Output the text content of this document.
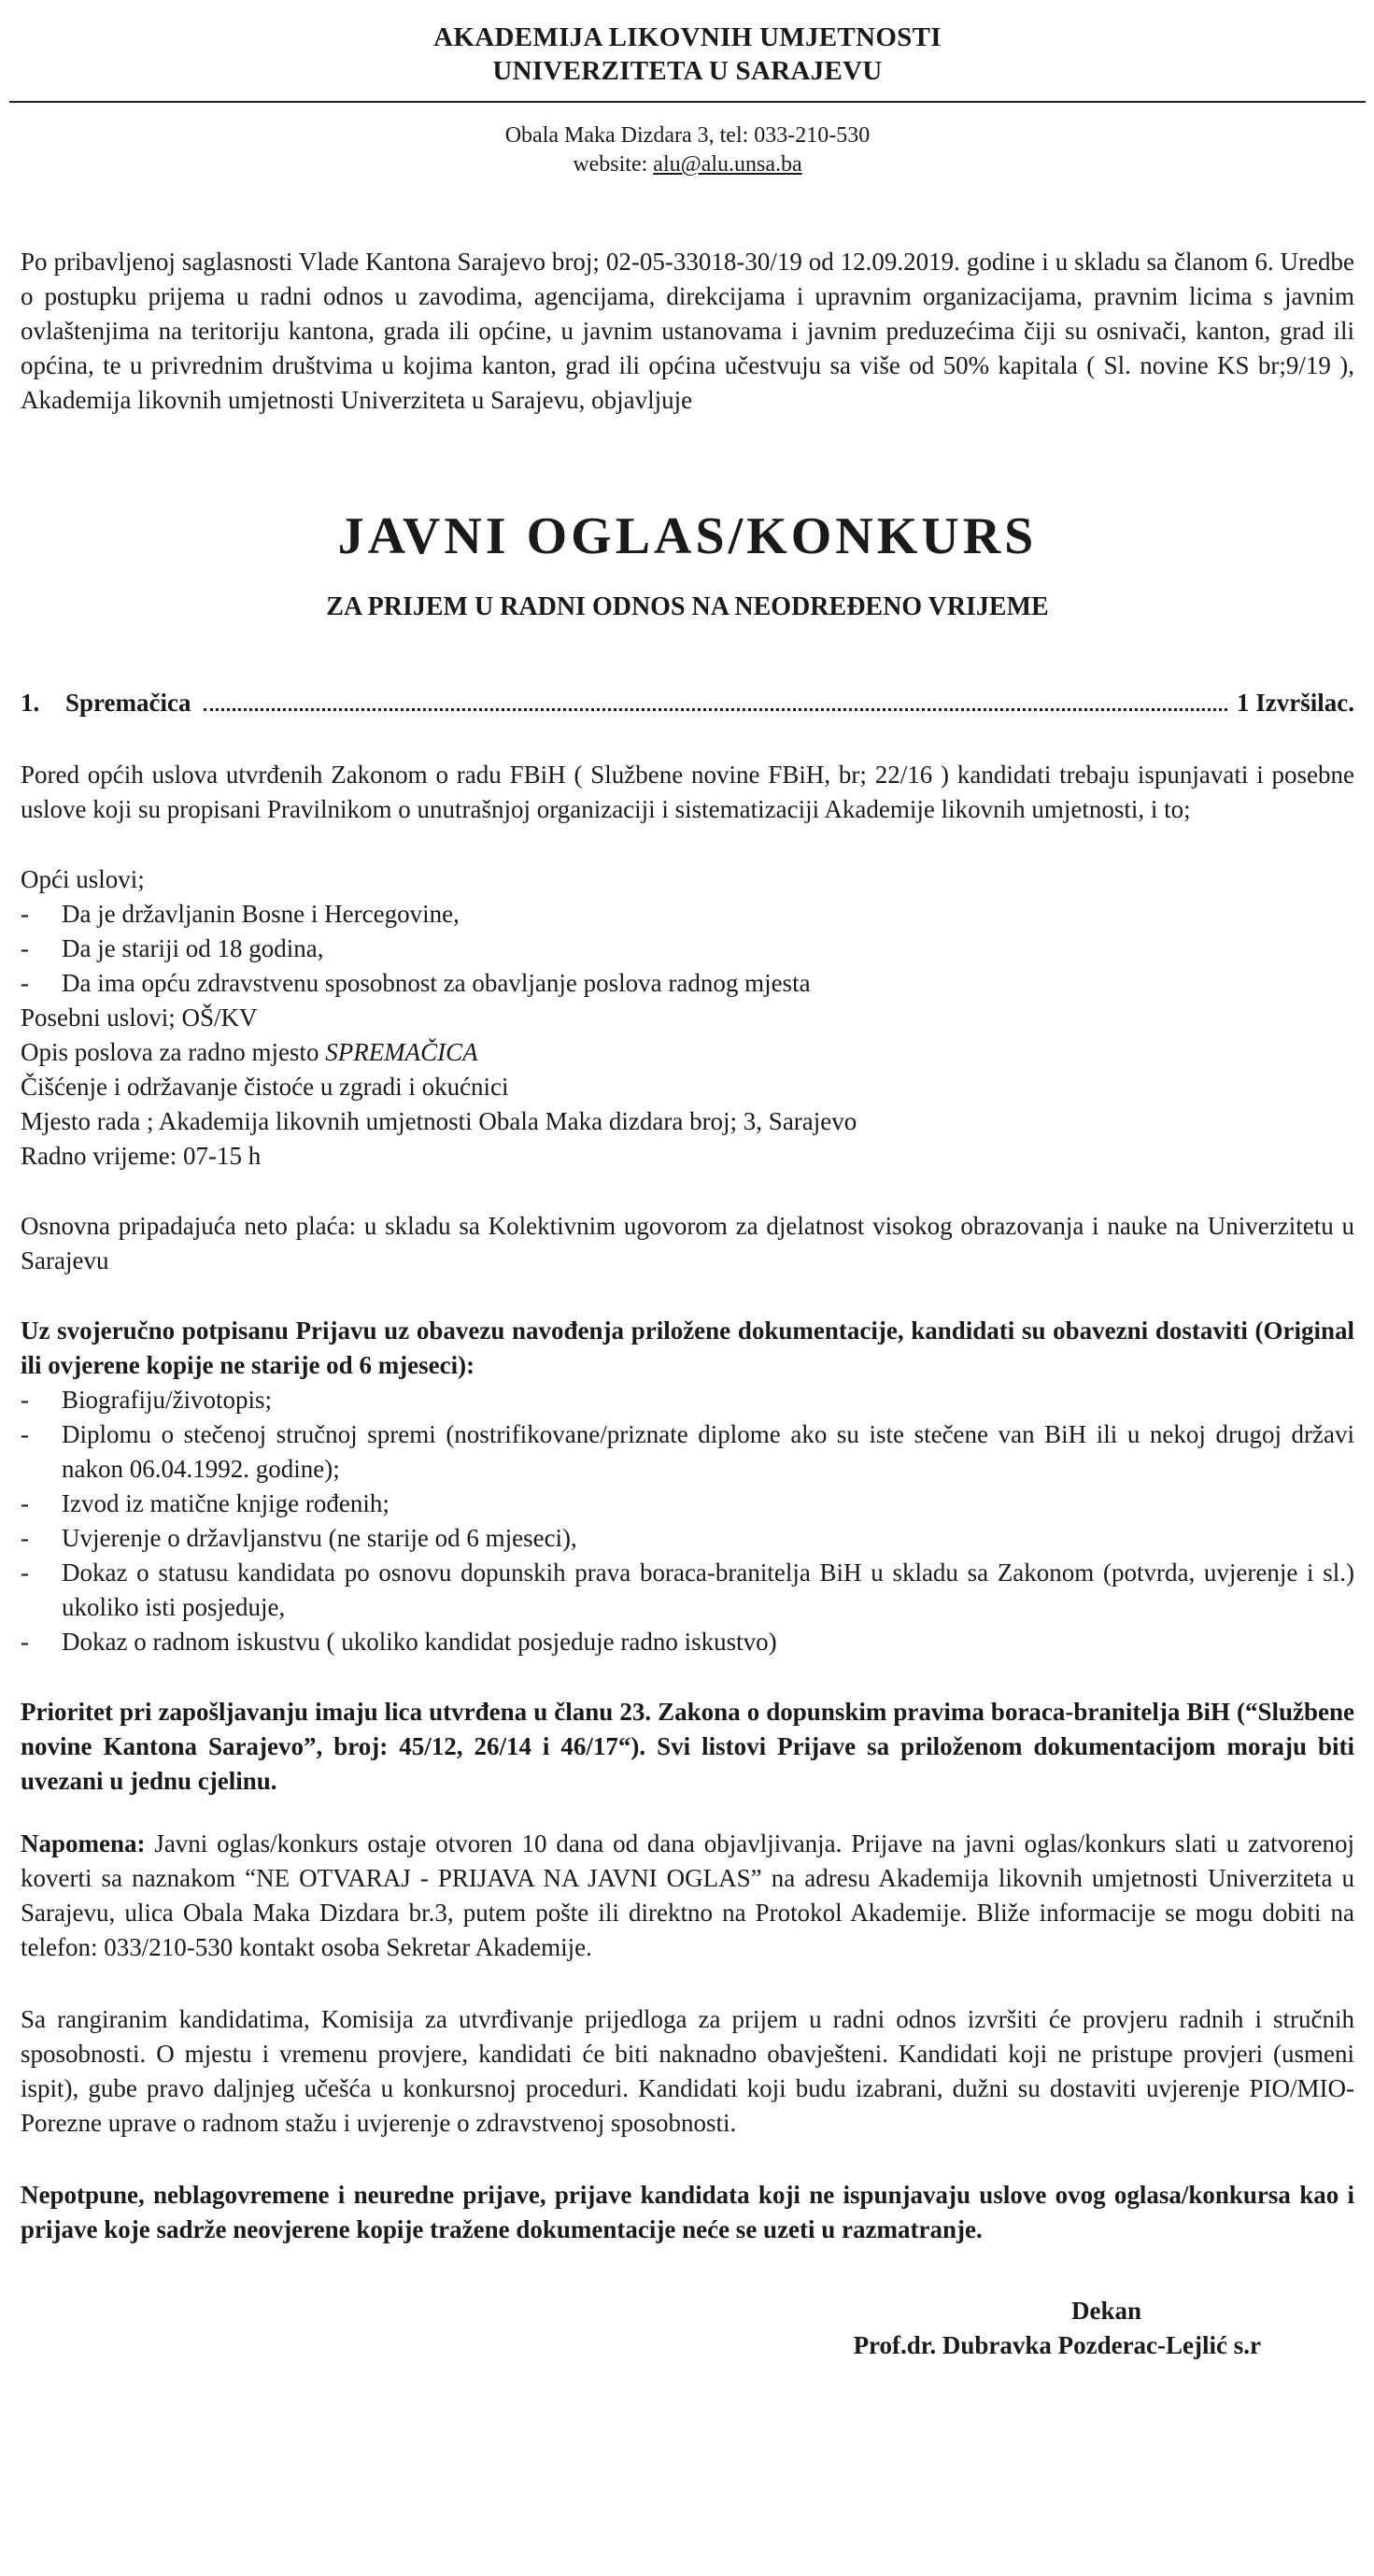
AKADEMIJA LIKOVNIH UMJETNOSTI
UNIVERZITETA U SARAJEVU
Obala Maka Dizdara 3, tel: 033-210-530
website: alu@alu.unsa.ba

Po pribavljenoj saglasnosti Vlade Kantona Sarajevo broj; 02-05-33018-30/19 od 12.09.2019. godine i u skladu sa članom 6. Uredbe o postupku prijema u radni odnos u zavodima, agencijama, direkcijama i upravnim organizacijama, pravnim licima s javnim ovlaštenjima na teritoriju kantona, grada ili općine, u javnim ustanovama i javnim preduzećima čiji su osnivači, kanton, grad ili općina, te u privrednim društvima u kojima kanton, grad ili općina učestvuju sa više od 50% kapitala ( Sl. novine KS br;9/19 ), Akademija likovnih umjetnosti Univerziteta u Sarajevu, objavljuje

JAVNI OGLAS/KONKURS
ZA PRIJEM U RADNI ODNOS NA NEODREĐENO VRIJEME
1.	Spremačica	1 Izvršilac.

Pored općih uslova utvrđenih Zakonom o radu FBiH ( Službene novine FBiH, br; 22/16 ) kandidati trebaju ispunjavati i posebne uslove koji su propisani Pravilnikom o unutrašnjoj organizaciji i sistematizaciji Akademije likovnih umjetnosti, i to;

Opći uslovi;
- Da je državljanin Bosne i Hercegovine,
- Da je stariji od 18 godina,
- Da ima opću zdravstvenu sposobnost za obavljanje poslova radnog mjesta
Posebni uslovi; OŠ/KV
Opis poslova za radno mjesto SPREMAČICA
Čišćenje i održavanje čistoće u zgradi i okućnici
Mjesto rada ; Akademija likovnih umjetnosti Obala Maka dizdara broj; 3, Sarajevo
Radno vrijeme: 07-15 h

Osnovna pripadajuća neto plaća: u skladu sa Kolektivnim ugovorom za djelatnost visokog obrazovanja i nauke na Univerzitetu u Sarajevu

Uz svojeručno potpisanu Prijavu uz obavezu navođenja priložene dokumentacije, kandidati su obavezni dostaviti (Original ili ovjerene kopije ne starije od 6 mjeseci):
- Biografiju/životopis;
- Diplomu o stečenoj stručnoj spremi (nostrifikovane/priznate diplome ako su iste stečene van BiH ili u nekoj drugoj državi nakon 06.04.1992. godine);
- Izvod iz matične knjige rođenih;
- Uvjerenje o državljanstvu (ne starije od 6 mjeseci),
- Dokaz o statusu kandidata po osnovu dopunskih prava boraca-branitelja BiH u skladu sa Zakonom (potvrda, uvjerenje i sl.) ukoliko isti posjeduje,
- Dokaz o radnom iskustvu ( ukoliko kandidat posjeduje radno iskustvo)

Prioritet pri zapošljavanju imaju lica utvrđena u članu 23. Zakona o dopunskim pravima boraca-branitelja BiH (“Službene novine Kantona Sarajevo”, broj: 45/12, 26/14 i 46/17“). Svi listovi Prijave sa priloženom dokumentacijom moraju biti uvezani u jednu cjelinu.

Napomena: Javni oglas/konkurs ostaje otvoren 10 dana od dana objavljivanja. Prijave na javni oglas/konkurs slati u zatvorenoj koverti sa naznakom “NE OTVARAJ - PRIJAVA NA JAVNI OGLAS” na adresu Akademija likovnih umjetnosti Univerziteta u Sarajevu, ulica Obala Maka Dizdara br.3, putem pošte ili direktno na Protokol Akademije. Bliže informacije se mogu dobiti na telefon: 033/210-530 kontakt osoba Sekretar Akademije.

Sa rangiranim kandidatima, Komisija za utvrđivanje prijedloga za prijem u radni odnos izvršiti će provjeru radnih i stručnih sposobnosti. O mjestu i vremenu provjere, kandidati će biti naknadno obavješteni. Kandidati koji ne pristupe provjeri (usmeni ispit), gube pravo daljnjeg učešća u konkursnoj proceduri. Kandidati koji budu izabrani, dužni su dostaviti uvjerenje PIO/MIO-Porezne uprave o radnom stažu i uvjerenje o zdravstvenoj sposobnosti.

Nepotpune, neblagovremene i neuredne prijave, prijave kandidata koji ne ispunjavaju uslove ovog oglasa/konkursa kao i prijave koje sadrže neovjerene kopije tražene dokumentacije neće se uzeti u razmatranje.

Dekan
Prof.dr. Dubravka Pozderac-Lejlić s.r
